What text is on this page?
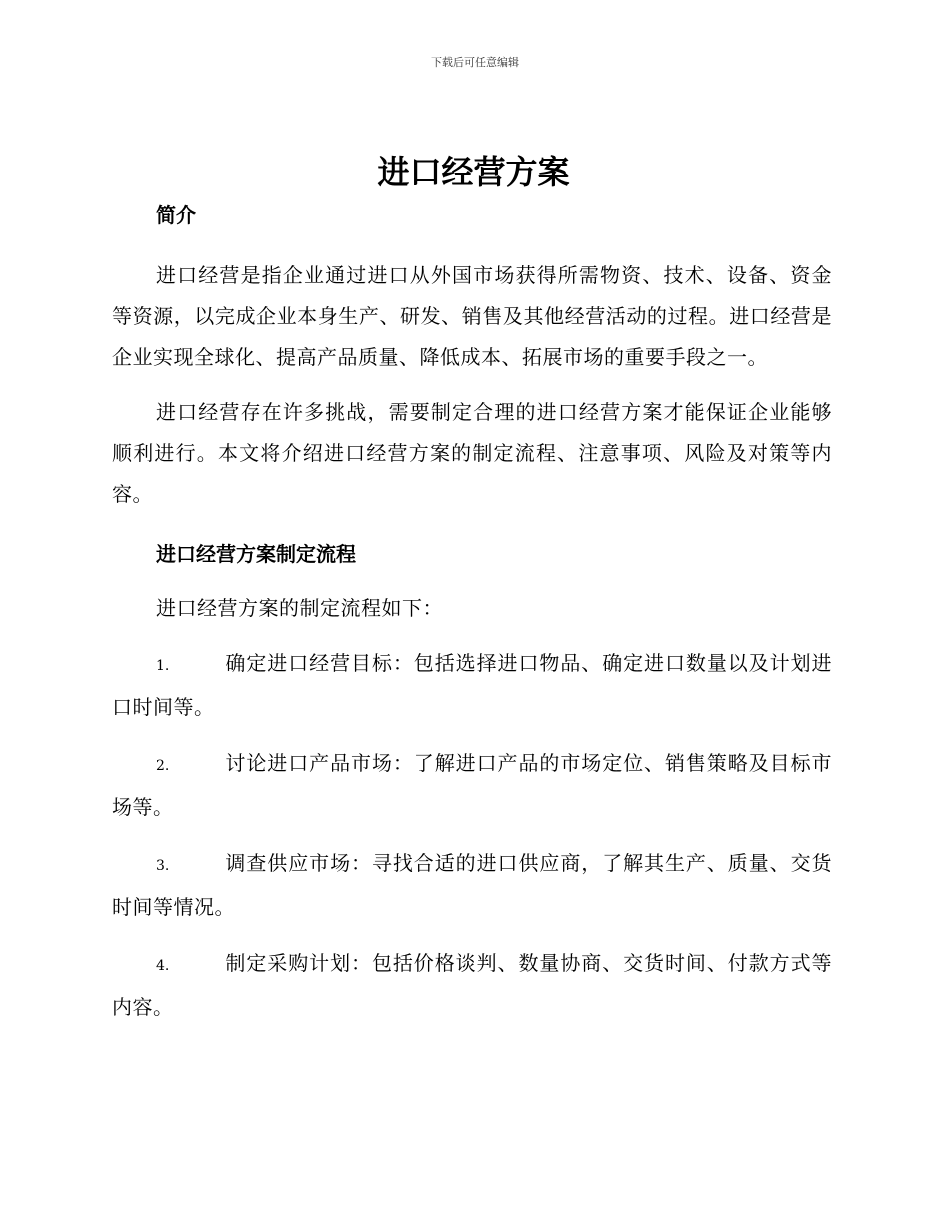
下载后可任意编辑
进口经营方案
简介

进口经营是指企业通过进口从外国市场获得所需物资、技术、设备、资金等资源，以完成企业本身生产、研发、销售及其他经营活动的过程。进口经营是企业实现全球化、提高产品质量、降低成本、拓展市场的重要手段之一。

进口经营存在许多挑战，需要制定合理的进口经营方案才能保证企业能够顺利进行。本文将介绍进口经营方案的制定流程、注意事项、风险及对策等内容。

进口经营方案制定流程

进口经营方案的制定流程如下：

1.	确定进口经营目标：包括选择进口物品、确定进口数量以及计划进口时间等。

2.	讨论进口产品市场：了解进口产品的市场定位、销售策略及目标市场等。

3.	调查供应市场：寻找合适的进口供应商，了解其生产、质量、交货时间等情况。

4.	制定采购计划：包括价格谈判、数量协商、交货时间、付款方式等内容。
